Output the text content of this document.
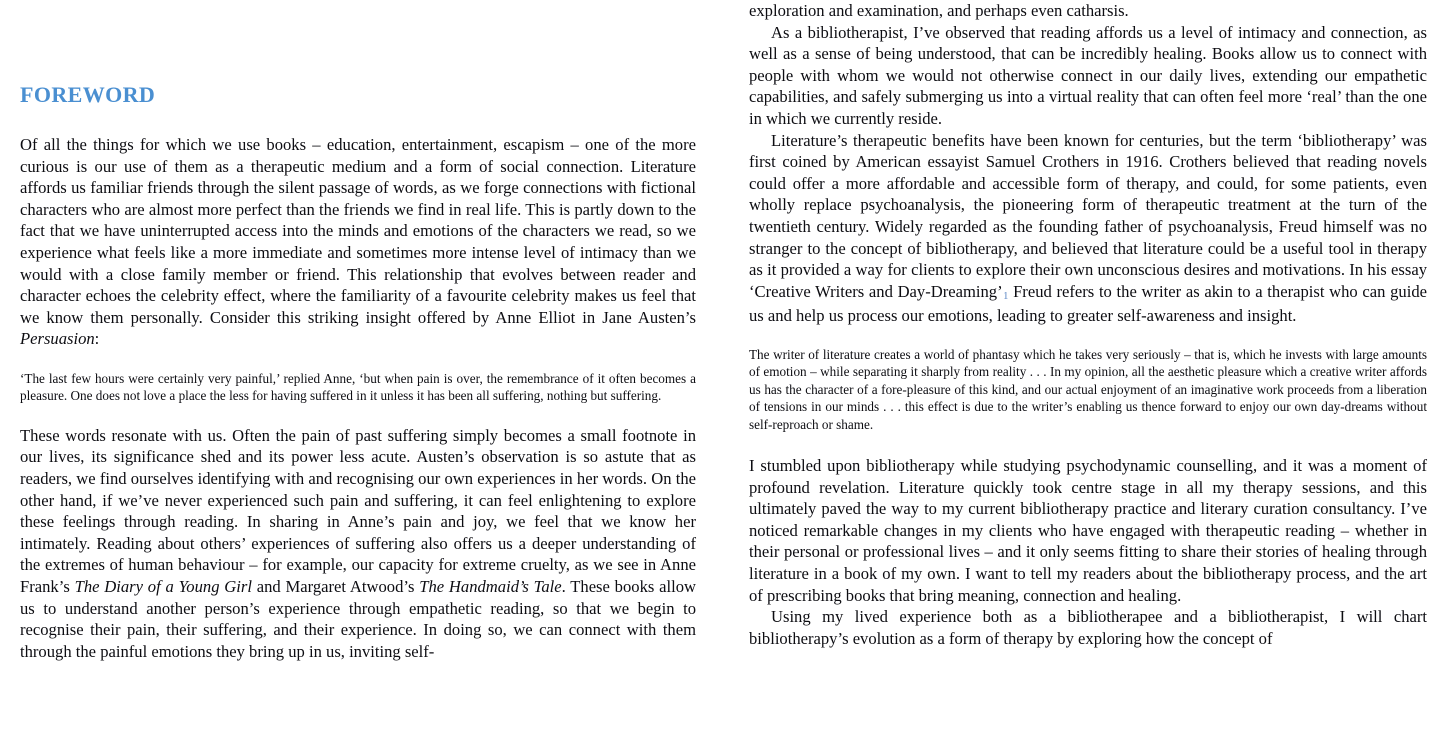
FOREWORD

Of all the things for which we use books – education, entertainment, escapism – one of the more curious is our use of them as a therapeutic medium and a form of social connection. Literature affords us familiar friends through the silent passage of words, as we forge connections with fictional characters who are almost more perfect than the friends we find in real life. This is partly down to the fact that we have uninterrupted access into the minds and emotions of the characters we read, so we experience what feels like a more immediate and sometimes more intense level of intimacy than we would with a close family member or friend. This relationship that evolves between reader and character echoes the celebrity effect, where the familiarity of a favourite celebrity makes us feel that we know them personally. Consider this striking insight offered by Anne Elliot in Jane Austen’s Persuasion:

‘The last few hours were certainly very painful,’ replied Anne, ‘but when pain is over, the remembrance of it often becomes a pleasure. One does not love a place the less for having suffered in it unless it has been all suffering, nothing but suffering.

These words resonate with us. Often the pain of past suffering simply becomes a small footnote in our lives, its significance shed and its power less acute. Austen’s observation is so astute that as readers, we find ourselves identifying with and recognising our own experiences in her words. On the other hand, if we’ve never experienced such pain and suffering, it can feel enlightening to explore these feelings through reading. In sharing in Anne’s pain and joy, we feel that we know her intimately. Reading about others’ experiences of suffering also offers us a deeper understanding of the extremes of human behaviour – for example, our capacity for extreme cruelty, as we see in Anne Frank’s The Diary of a Young Girl and Margaret Atwood’s The Handmaid’s Tale. These books allow us to understand another person’s experience through empathetic reading, so that we begin to recognise their pain, their suffering, and their experience. In doing so, we can connect with them through the painful emotions they bring up in us, inviting self-

exploration and examination, and perhaps even catharsis.

As a bibliotherapist, I’ve observed that reading affords us a level of intimacy and connection, as well as a sense of being understood, that can be incredibly healing. Books allow us to connect with people with whom we would not otherwise connect in our daily lives, extending our empathetic capabilities, and safely submerging us into a virtual reality that can often feel more ‘real’ than the one in which we currently reside.

Literature’s therapeutic benefits have been known for centuries, but the term ‘bibliotherapy’ was first coined by American essayist Samuel Crothers in 1916. Crothers believed that reading novels could offer a more affordable and accessible form of therapy, and could, for some patients, even wholly replace psychoanalysis, the pioneering form of therapeutic treatment at the turn of the twentieth century. Widely regarded as the founding father of psychoanalysis, Freud himself was no stranger to the concept of bibliotherapy, and believed that literature could be a useful tool in therapy as it provided a way for clients to explore their own unconscious desires and motivations. In his essay ‘Creative Writers and Day-Dreaming’1 Freud refers to the writer as akin to a therapist who can guide us and help us process our emotions, leading to greater self-awareness and insight.

The writer of literature creates a world of phantasy which he takes very seriously – that is, which he invests with large amounts of emotion – while separating it sharply from reality . . . In my opinion, all the aesthetic pleasure which a creative writer affords us has the character of a fore-pleasure of this kind, and our actual enjoyment of an imaginative work proceeds from a liberation of tensions in our minds . . . this effect is due to the writer’s enabling us thence forward to enjoy our own day-dreams without self-reproach or shame.

I stumbled upon bibliotherapy while studying psychodynamic counselling, and it was a moment of profound revelation. Literature quickly took centre stage in all my therapy sessions, and this ultimately paved the way to my current bibliotherapy practice and literary curation consultancy. I’ve noticed remarkable changes in my clients who have engaged with therapeutic reading – whether in their personal or professional lives – and it only seems fitting to share their stories of healing through literature in a book of my own. I want to tell my readers about the bibliotherapy process, and the art of prescribing books that bring meaning, connection and healing.

Using my lived experience both as a bibliotherapee and a bibliotherapist, I will chart bibliotherapy’s evolution as a form of therapy by exploring how the concept of
